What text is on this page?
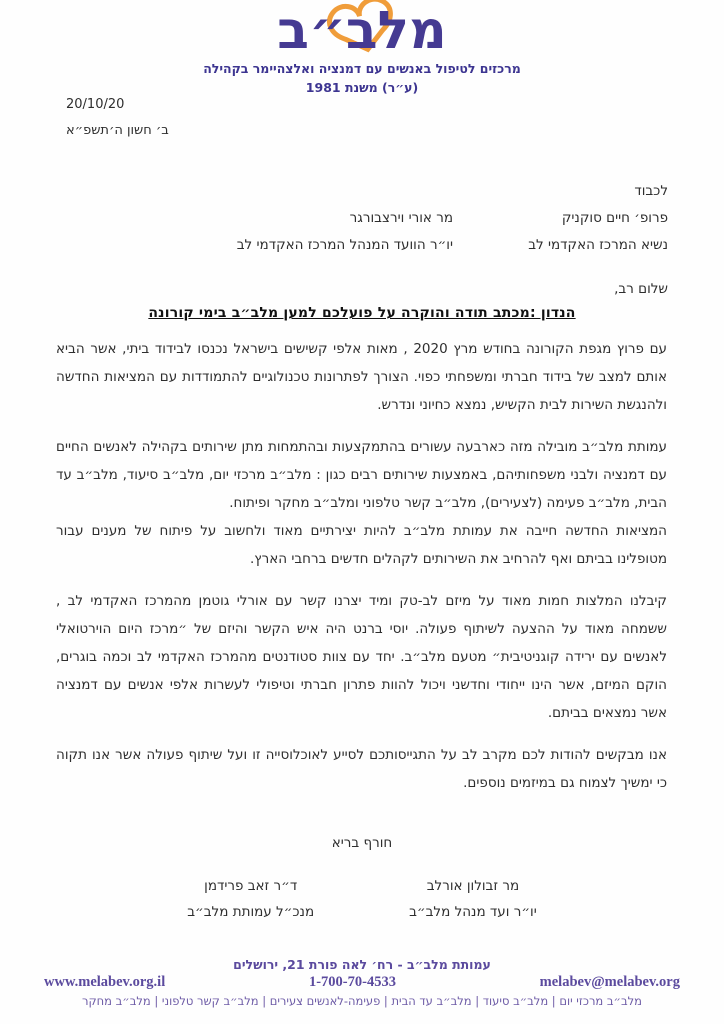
מלב״ב
מרכזים לטיפול באנשים עם דמנציה ואלצהיימר בקהילה
(ע״ר) משנת 1981
20/10/20
ב׳ חשון ה׳תשפ״א
לכבוד
פרופ׳ חיים סוקניק
מר אורי וירצבורגר
נשיא המרכז האקדמי לב
יו״ר הוועד המנהל המרכז האקדמי לב
שלום רב,
הנדון :מכתב תודה והוקרה על פועלכם למען מלב״ב בימי קורונה

עם פרוץ מגפת הקורונה בחודש מרץ 2020 , מאות אלפי קשישים בישראל נכנסו לבידוד ביתי, אשר הביא אותם למצב של בידוד חברתי ומשפחתי כפוי. הצורך לפתרונות טכנולוגיים להתמודדות עם המציאות החדשה ולהנגשת השירות לבית הקשיש, נמצא כחיוני ונדרש.

עמותת מלב״ב מובילה מזה כארבעה עשורים בהתמקצעות ובהתמחות מתן שירותים בקהילה לאנשים החיים עם דמנציה ולבני משפחותיהם, באמצעות שירותים רבים כגון : מלב״ב מרכזי יום, מלב״ב סיעוד, מלב״ב עד הבית, מלב״ב פעימה (לצעירים), מלב״ב קשר טלפוני ומלב״ב מחקר ופיתוח.

המציאות החדשה חייבה את עמותת מלב״ב להיות יצירתיים מאוד ולחשוב על פיתוח של מענים עבור מטופלינו בביתם ואף להרחיב את השירותים לקהלים חדשים ברחבי הארץ.

קיבלנו המלצות חמות מאוד על מיזם לב-טק ומיד יצרנו קשר עם אורלי גוטמן מהמרכז האקדמי לב , ששמחה מאוד על ההצעה לשיתוף פעולה. יוסי ברנט היה איש הקשר והיזם של ״מרכז היום הוירטואלי לאנשים עם ירידה קוגניטיבית״ מטעם מלב״ב. יחד עם צוות סטודנטים מהמרכז האקדמי לב וכמה בוגרים, הוקם המיזם, אשר הינו ייחודי וחדשני ויכול להוות פתרון חברתי וטיפולי לעשרות אלפי אנשים עם דמנציה אשר נמצאים בביתם.

אנו מבקשים להודות לכם מקרב לב על התגייסותכם לסייע לאוכלוסייה זו ועל שיתוף פעולה אשר אנו תקוה כי ימשיך לצמוח גם במיזמים נוספים.

חורף בריא
מר זבולון אורלב
יו״ר ועד מנהל מלב״ב
ד״ר זאב פרידמן
מנכ״ל עמותת מלב״ב
עמותת מלב״ב - רח׳ לאה פורת 21, ירושלים
www.melabev.org.il	1-700-70-4533	melabev@melabev.org
מלב״ב מרכזי יום | מלב״ב סיעוד | מלב״ב עד הבית | פעימה-לאנשים צעירים | מלב״ב קשר טלפוני | מלב״ב מחקר
